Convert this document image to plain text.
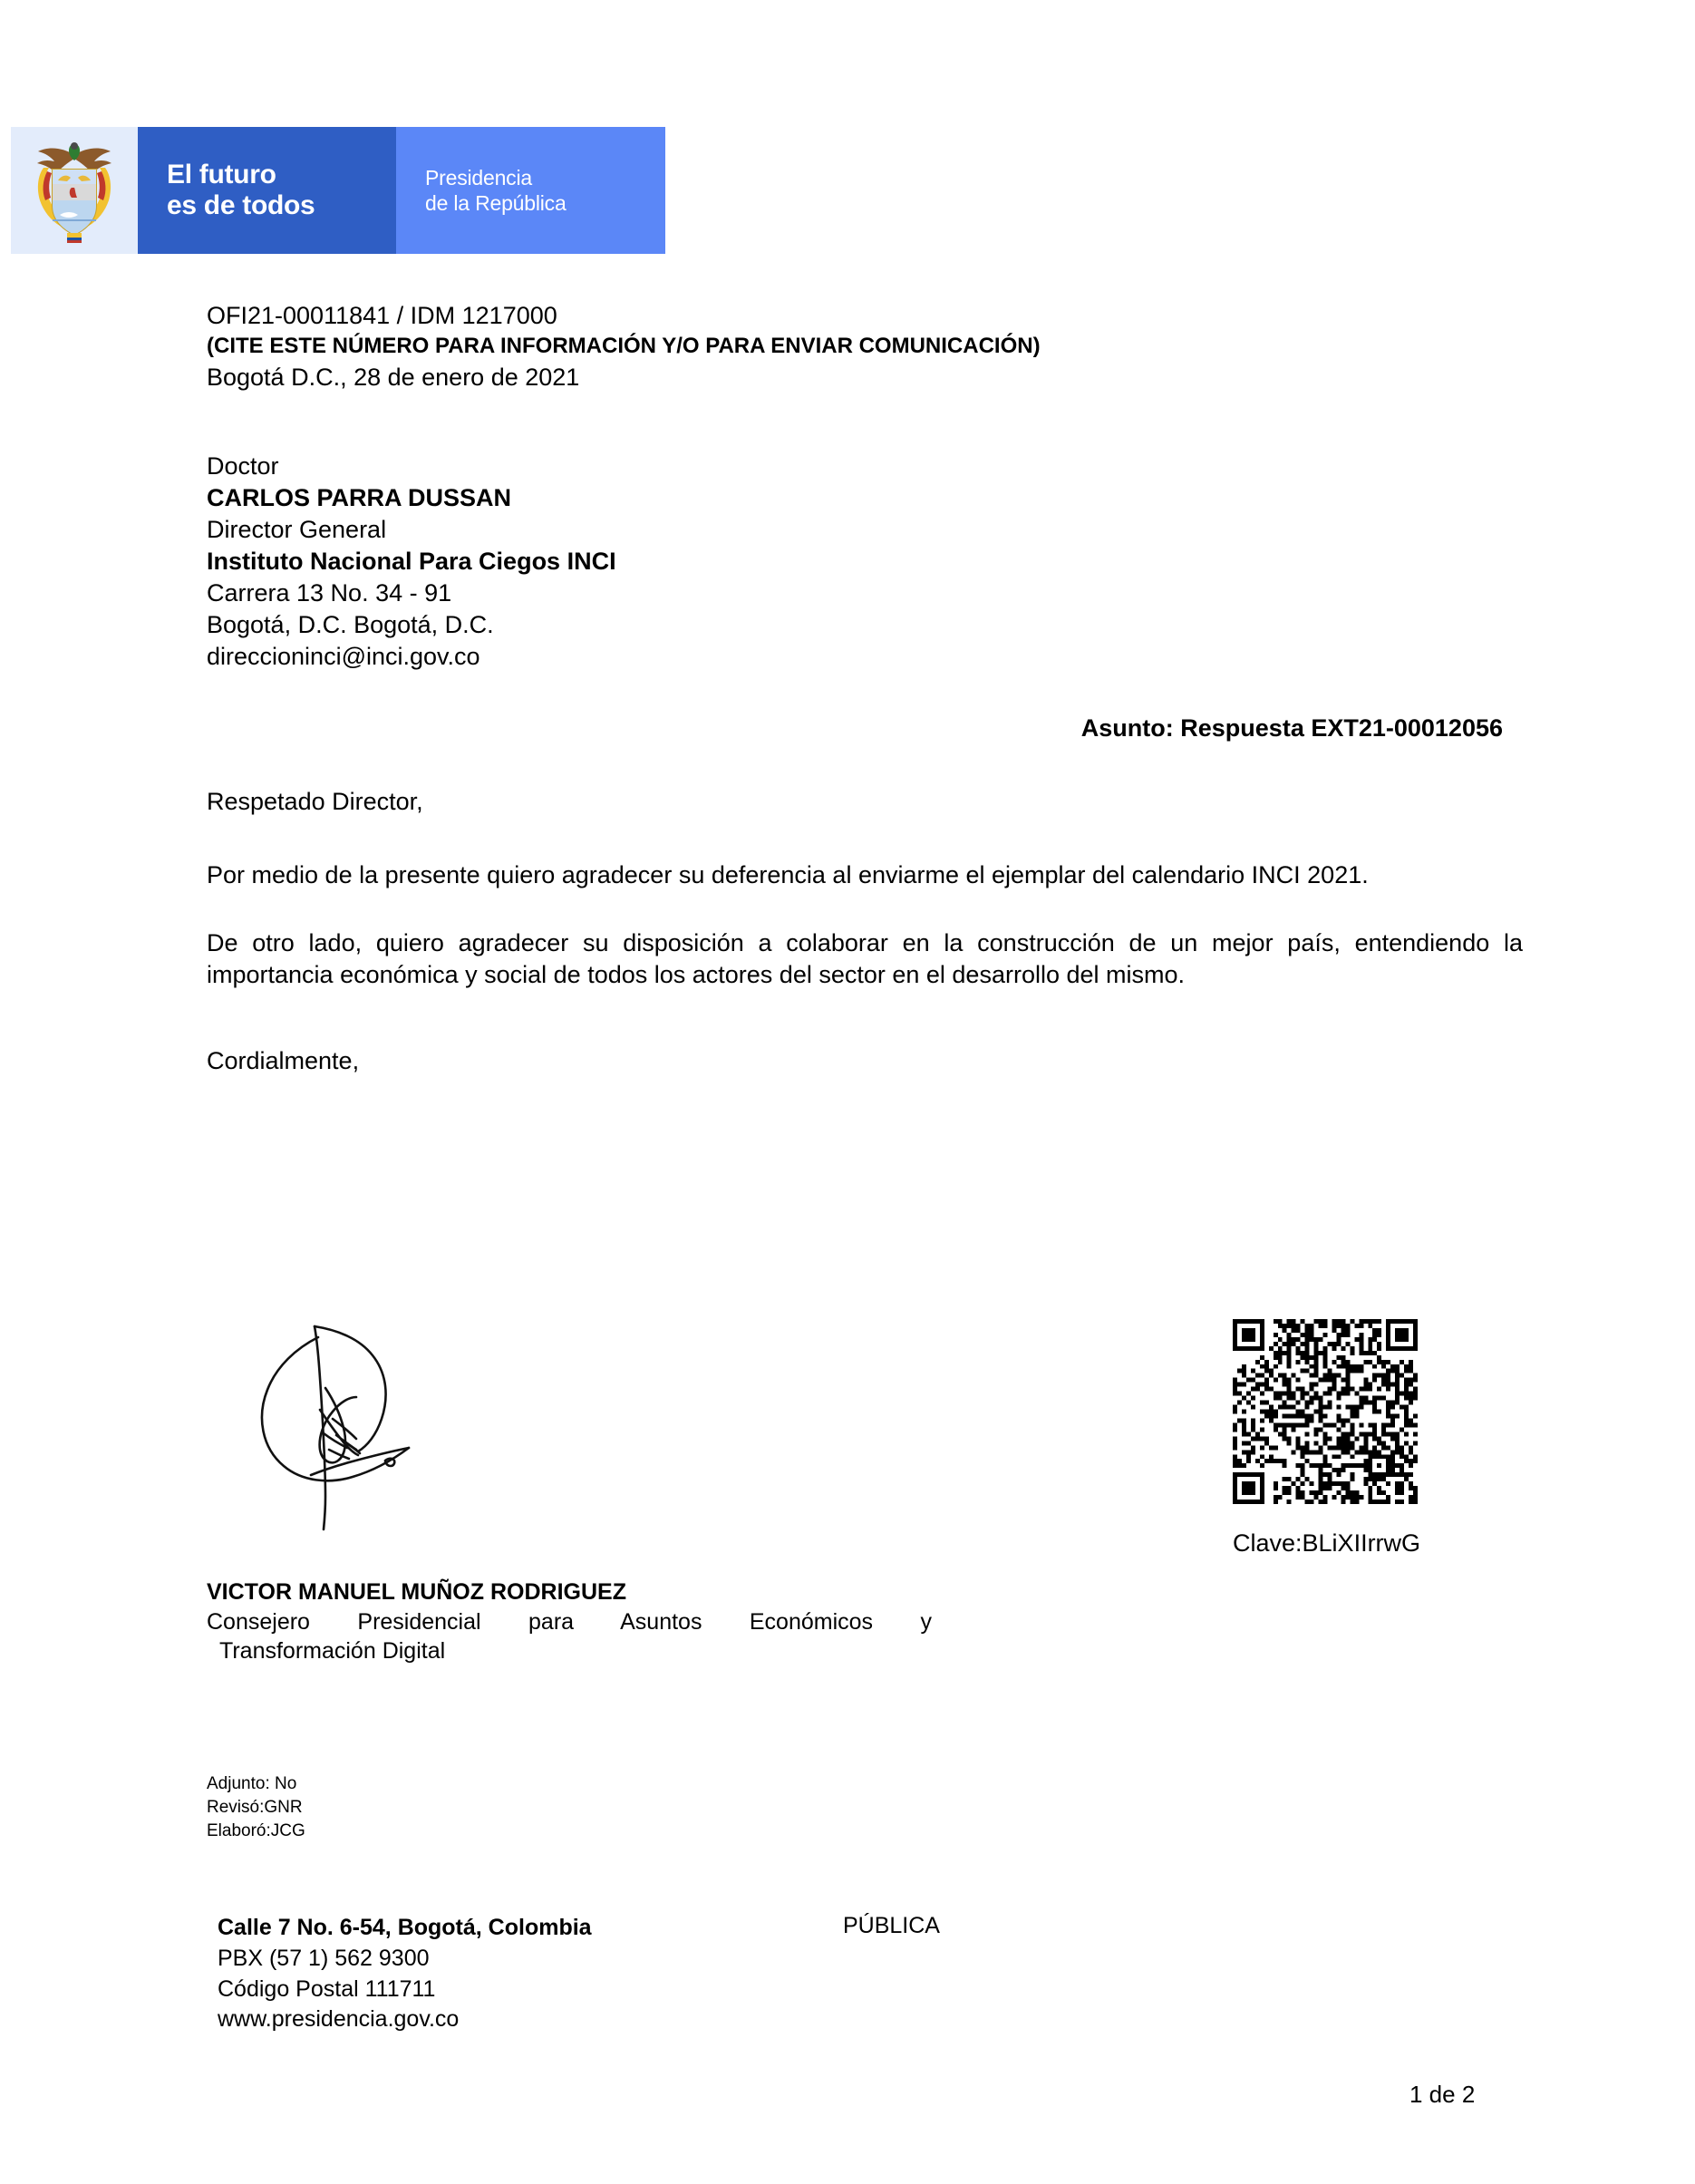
El futuro
es de todos
Presidencia
de la República
OFI21-00011841 / IDM 1217000
(CITE ESTE NÚMERO PARA INFORMACIÓN Y/O PARA ENVIAR COMUNICACIÓN)
Bogotá D.C., 28 de enero de 2021
Doctor
CARLOS PARRA DUSSAN
Director General
Instituto Nacional Para Ciegos INCI
Carrera 13 No. 34 - 91
Bogotá, D.C. Bogotá, D.C.
direccioninci@inci.gov.co
Asunto: Respuesta EXT21-00012056
Respetado Director,
Por medio de la presente quiero agradecer su deferencia al enviarme el ejemplar del calendario INCI 2021.
De otro lado, quiero agradecer su disposición a colaborar en la construcción de un mejor país, entendiendo la importancia económica y social de todos los actores del sector en el desarrollo del mismo.
Cordialmente,
VICTOR MANUEL MUÑOZ RODRIGUEZ
Consejero Presidencial para Asuntos Económicos y
Transformación Digital
Clave:BLiXIIrrwG
Adjunto: No
Revisó:GNR
Elaboró:JCG
Calle 7 No. 6-54, Bogotá, Colombia
PBX (57 1) 562 9300
Código Postal 111711
www.presidencia.gov.co
PÚBLICA
1 de 2
